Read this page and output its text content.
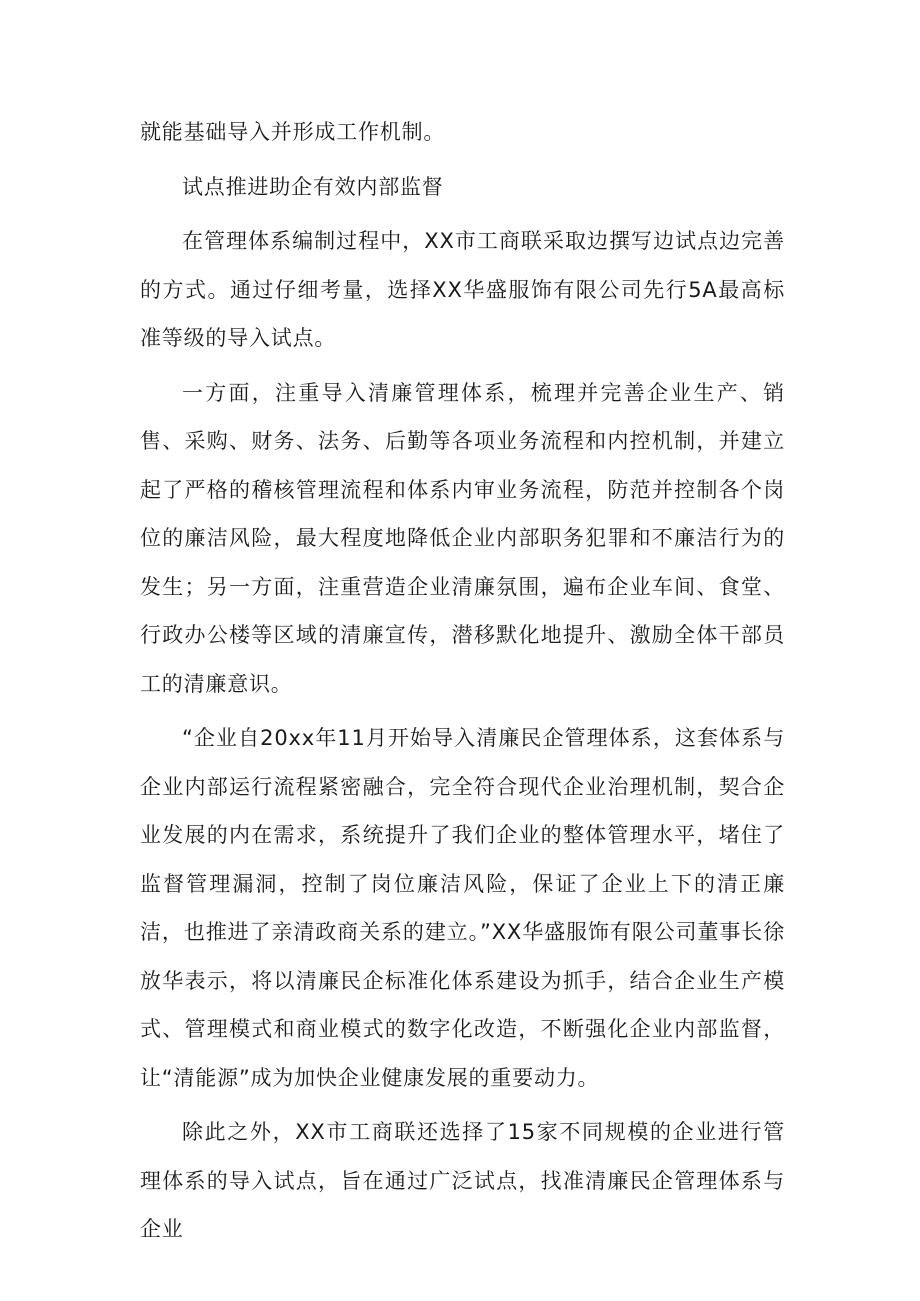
就能基础导入并形成工作机制。

试点推进助企有效内部监督

在管理体系编制过程中，XX市工商联采取边撰写边试点边完善的方式。通过仔细考量，选择XX华盛服饰有限公司先行5A最高标准等级的导入试点。

一方面，注重导入清廉管理体系，梳理并完善企业生产、销售、采购、财务、法务、后勤等各项业务流程和内控机制，并建立起了严格的稽核管理流程和体系内审业务流程，防范并控制各个岗位的廉洁风险，最大程度地降低企业内部职务犯罪和不廉洁行为的发生；另一方面，注重营造企业清廉氛围，遍布企业车间、食堂、行政办公楼等区域的清廉宣传，潜移默化地提升、激励全体干部员工的清廉意识。

“企业自20xx年11月开始导入清廉民企管理体系，这套体系与企业内部运行流程紧密融合，完全符合现代企业治理机制，契合企业发展的内在需求，系统提升了我们企业的整体管理水平，堵住了监督管理漏洞，控制了岗位廉洁风险，保证了企业上下的清正廉洁，也推进了亲清政商关系的建立。”XX华盛服饰有限公司董事长徐放华表示，将以清廉民企标准化体系建设为抓手，结合企业生产模式、管理模式和商业模式的数字化改造，不断强化企业内部监督，让“清能源”成为加快企业健康发展的重要动力。

除此之外，XX市工商联还选择了15家不同规模的企业进行管理体系的导入试点，旨在通过广泛试点，找准清廉民企管理体系与企业
